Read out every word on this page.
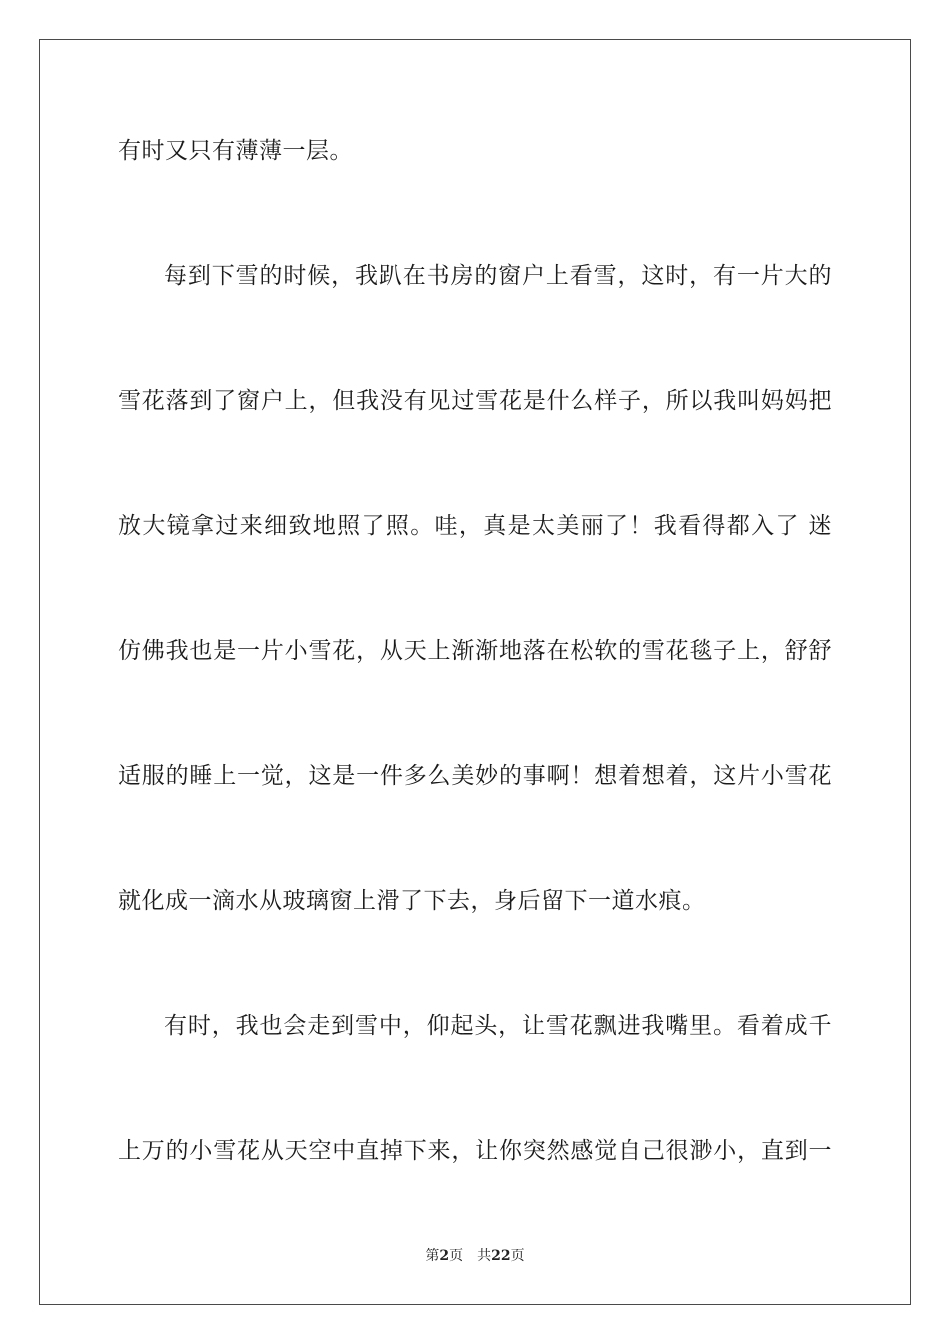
有时又只有薄薄一层。
每到下雪的时候，我趴在书房的窗户上看雪，这时，有一片大的
雪花落到了窗户上，但我没有见过雪花是什么样子，所以我叫妈妈把
放大镜拿过来细致地照了照。哇，真是太美丽了！我看得都入了 迷
仿佛我也是一片小雪花，从天上渐渐地落在松软的雪花毯子上，舒舒
适服的睡上一觉，这是一件多么美妙的事啊！想着想着，这片小雪花
就化成一滴水从玻璃窗上滑了下去，身后留下一道水痕。
有时，我也会走到雪中，仰起头，让雪花飘进我嘴里。看着成千
上万的小雪花从天空中直掉下来，让你突然感觉自己很渺小，直到一
第2页 共22页
